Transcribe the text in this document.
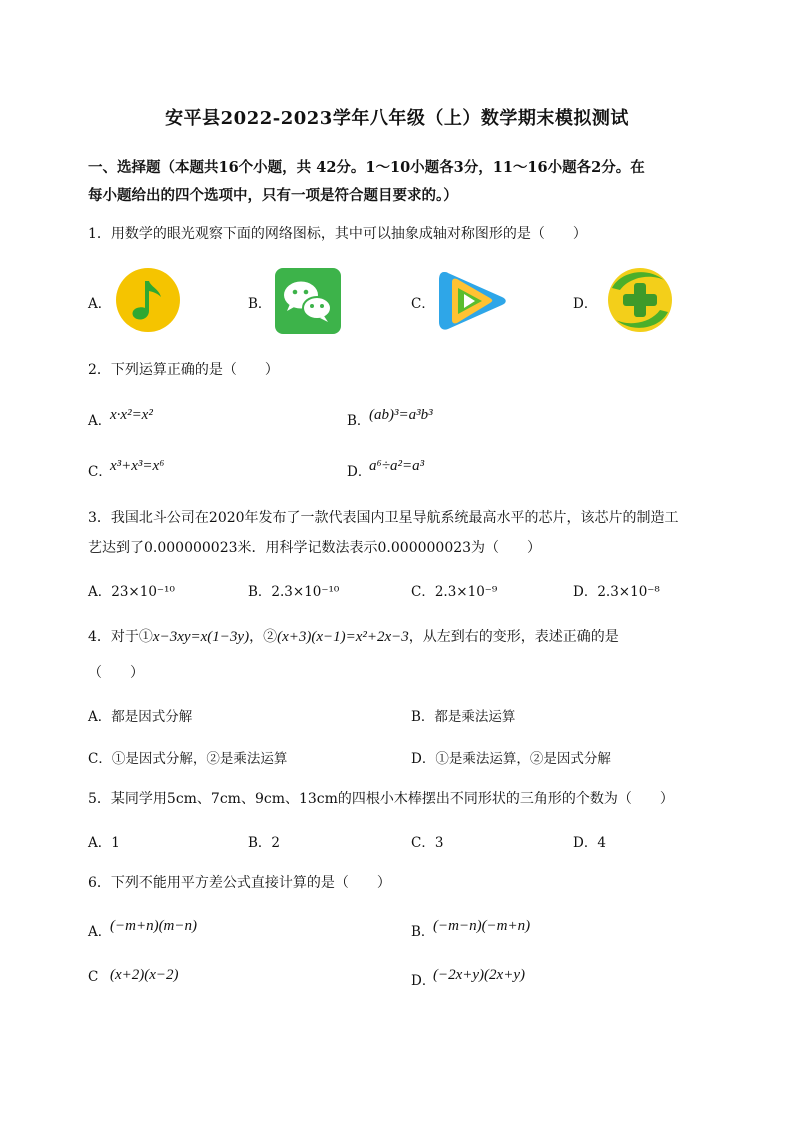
安平县2022-2023学年八年级（上）数学期末模拟测试
一、选择题（本题共16个小题，共 42分。1～10小题各3分，11～16小题各2分。在
每小题给出的四个选项中，只有一项是符合题目要求的。）
1．用数学的眼光观察下面的网络图标，其中可以抽象成轴对称图形的是（　　）
A．	B．	C．	D．
2．下列运算正确的是（　　）
A．
x·x²=x²	B．
(ab)³=a³b³
C．
x³+x³=x⁶	D．
a⁶÷a²=a³
3．我国北斗公司在2020年发布了一款代表国内卫星导航系统最高水平的芯片，该芯片的制造工
艺达到了0.000000023米．用科学记数法表示0.000000023为（　　）
A．23×10⁻¹⁰	B．2.3×10⁻¹⁰	C．2.3×10⁻⁹	D．2.3×10⁻⁸
4．对于①x−3xy=x(1−3y)，②(x+3)(x−1)=x²+2x−3，从左到右的变形，表述正确的是
（　　）
A．都是因式分解	B．都是乘法运算
C．①是因式分解，②是乘法运算	D．①是乘法运算，②是因式分解
5．某同学用5cm、7cm、9cm、13cm的四根小木棒摆出不同形状的三角形的个数为（　　）
A．1	B．2	C．3	D．4
6．下列不能用平方差公式直接计算的是（　　）
A．
(−m+n)(m−n)	B．
(−m−n)(−m+n)
C (x+2)(x−2)	D．
(−2x+y)(2x+y)
